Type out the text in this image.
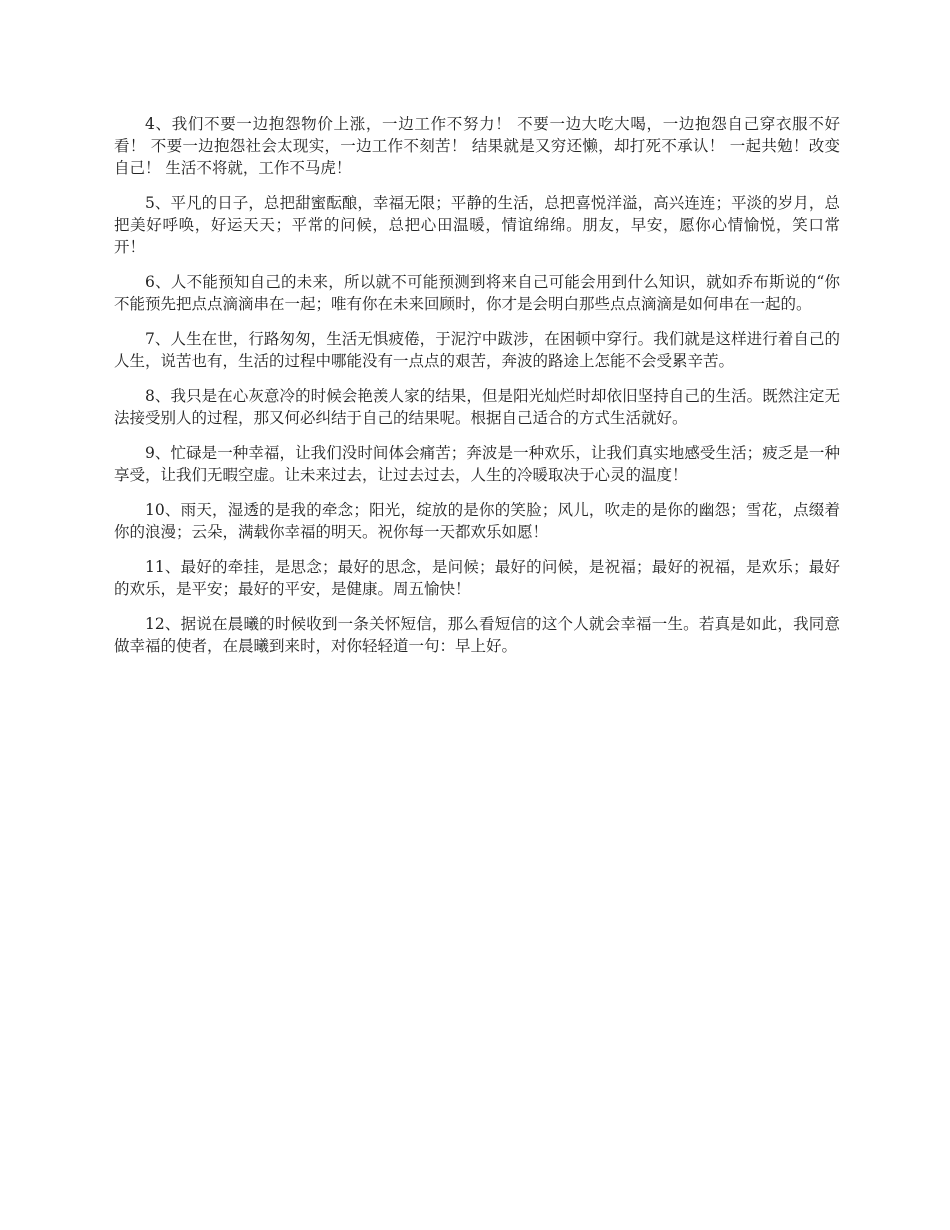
4、我们不要一边抱怨物价上涨，一边工作不努力！ 不要一边大吃大喝，一边抱怨自己穿衣服不好看！ 不要一边抱怨社会太现实，一边工作不刻苦！ 结果就是又穷还懒，却打死不承认！ 一起共勉！改变自己！ 生活不将就，工作不马虎！

5、平凡的日子，总把甜蜜酝酿，幸福无限；平静的生活，总把喜悦洋溢，高兴连连；平淡的岁月，总把美好呼唤，好运天天；平常的问候，总把心田温暖，情谊绵绵。朋友，早安，愿你心情愉悦，笑口常开！

6、人不能预知自己的未来，所以就不可能预测到将来自己可能会用到什么知识，就如乔布斯说的“你不能预先把点点滴滴串在一起；唯有你在未来回顾时，你才是会明白那些点点滴滴是如何串在一起的。

7、人生在世，行路匆匆，生活无惧疲倦，于泥泞中跋涉，在困顿中穿行。我们就是这样进行着自己的人生，说苦也有，生活的过程中哪能没有一点点的艰苦，奔波的路途上怎能不会受累辛苦。

8、我只是在心灰意冷的时候会艳羡人家的结果，但是阳光灿烂时却依旧坚持自己的生活。既然注定无法接受别人的过程，那又何必纠结于自己的结果呢。根据自己适合的方式生活就好。

9、忙碌是一种幸福，让我们没时间体会痛苦；奔波是一种欢乐，让我们真实地感受生活；疲乏是一种享受，让我们无暇空虚。让未来过去，让过去过去，人生的冷暖取决于心灵的温度！

10、雨天，湿透的是我的牵念；阳光，绽放的是你的笑脸；风儿，吹走的是你的幽怨；雪花，点缀着你的浪漫；云朵，满载你幸福的明天。祝你每一天都欢乐如愿！

11、最好的牵挂，是思念；最好的思念，是问候；最好的问候，是祝福；最好的祝福，是欢乐；最好的欢乐，是平安；最好的平安，是健康。周五愉快！

12、据说在晨曦的时候收到一条关怀短信，那么看短信的这个人就会幸福一生。若真是如此，我同意做幸福的使者，在晨曦到来时，对你轻轻道一句：早上好。
